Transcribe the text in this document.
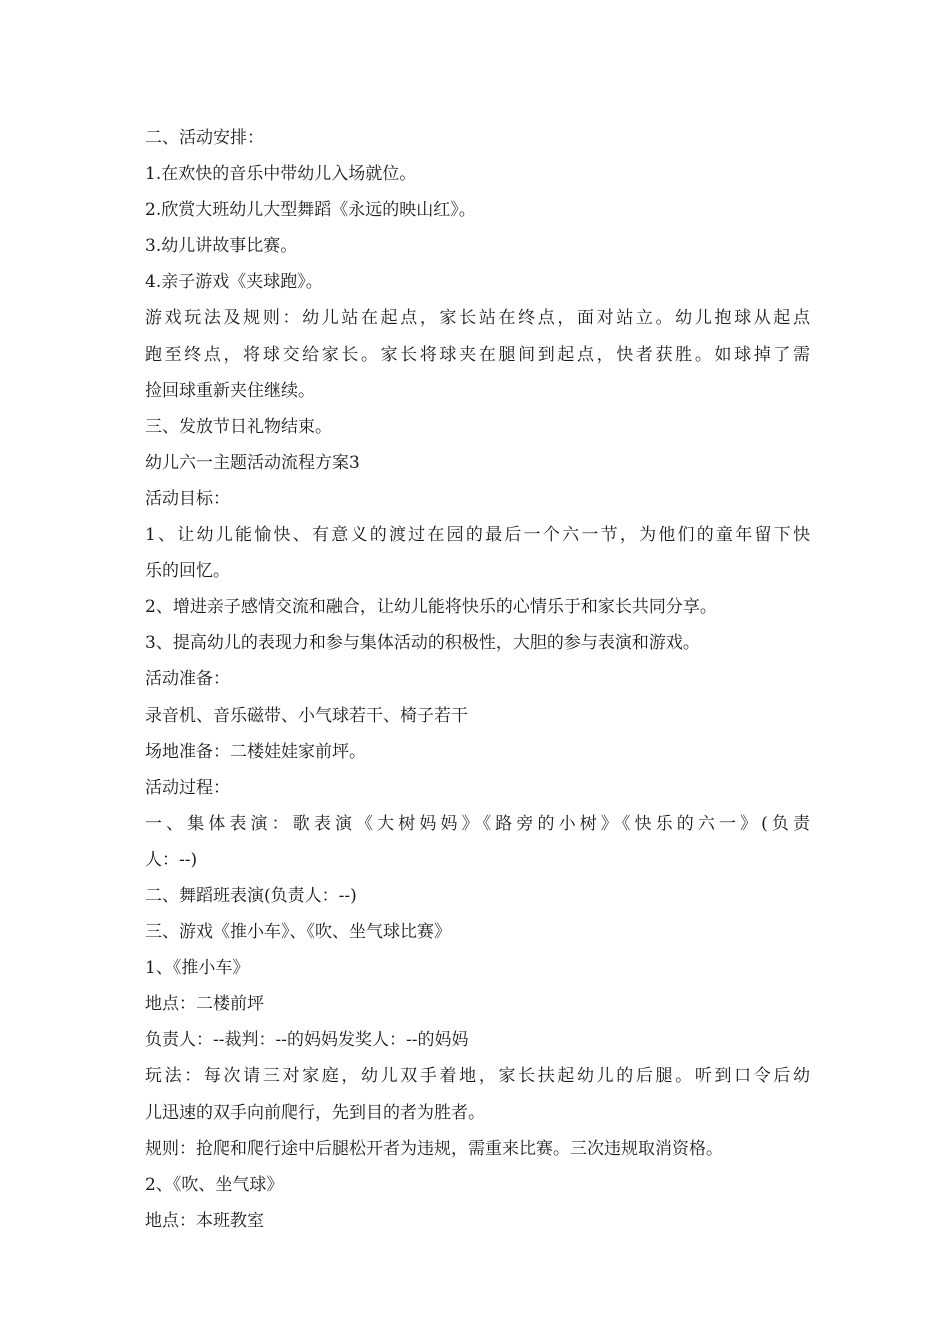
二、活动安排：
1.在欢快的音乐中带幼儿入场就位。
2.欣赏大班幼儿大型舞蹈《永远的映山红》。
3.幼儿讲故事比赛。
4.亲子游戏《夹球跑》。
游戏玩法及规则：幼儿站在起点，家长站在终点，面对站立。幼儿抱球从起点
跑至终点，将球交给家长。家长将球夹在腿间到起点，快者获胜。如球掉了需
捡回球重新夹住继续。
三、发放节日礼物结束。
幼儿六一主题活动流程方案3
活动目标：
1、让幼儿能愉快、有意义的渡过在园的最后一个六一节，为他们的童年留下快
乐的回忆。
2、增进亲子感情交流和融合，让幼儿能将快乐的心情乐于和家长共同分享。
3、提高幼儿的表现力和参与集体活动的积极性，大胆的参与表演和游戏。
活动准备：
录音机、音乐磁带、小气球若干、椅子若干
场地准备：二楼娃娃家前坪。
活动过程：
一、集体表演：歌表演《大树妈妈》《路旁的小树》《快乐的六一》(负责
人：--)
二、舞蹈班表演(负责人：--)
三、游戏《推小车》、《吹、坐气球比赛》
1、《推小车》
地点：二楼前坪
负责人：--裁判：--的妈妈发奖人：--的妈妈
玩法：每次请三对家庭，幼儿双手着地，家长扶起幼儿的后腿。听到口令后幼
儿迅速的双手向前爬行，先到目的者为胜者。
规则：抢爬和爬行途中后腿松开者为违规，需重来比赛。三次违规取消资格。
2、《吹、坐气球》
地点：本班教室
